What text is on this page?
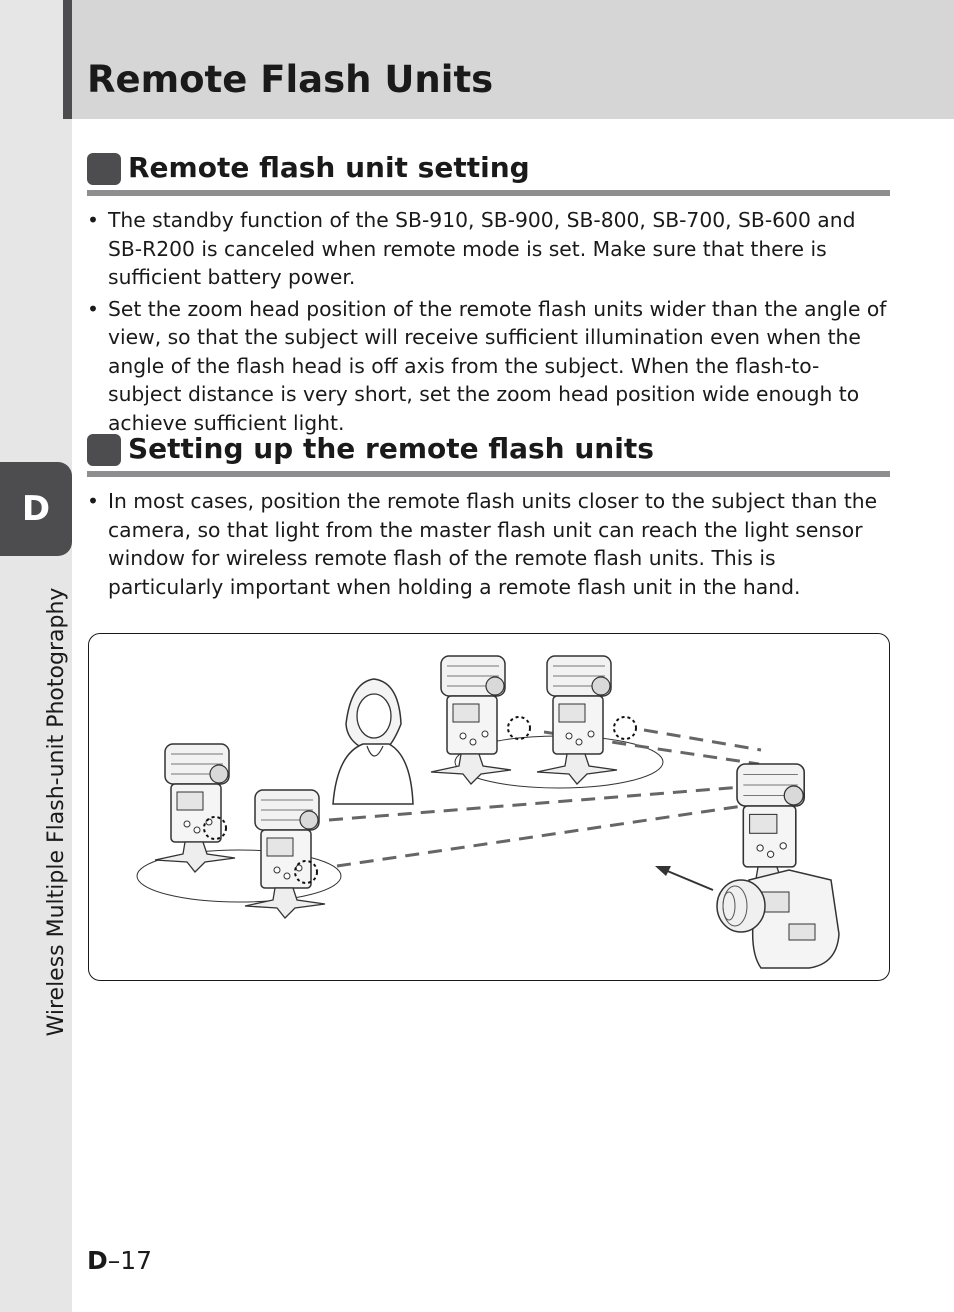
Remote Flash Units
D
Wireless Multiple Flash-unit Photography
Remote flash unit setting
• The standby function of the SB-910, SB-900, SB-800, SB-700, SB-600 and SB-R200 is canceled when remote mode is set. Make sure that there is sufficient battery power.
• Set the zoom head position of the remote flash units wider than the angle of view, so that the subject will receive sufficient illumination even when the angle of the flash head is off axis from the subject. When the flash-to-subject distance is very short, set the zoom head position wide enough to achieve sufficient light.
Setting up the remote flash units
• In most cases, position the remote flash units closer to the subject than the camera, so that light from the master flash unit can reach the light sensor window for wireless remote flash of the remote flash units. This is particularly important when holding a remote flash unit in the hand.
D–17
